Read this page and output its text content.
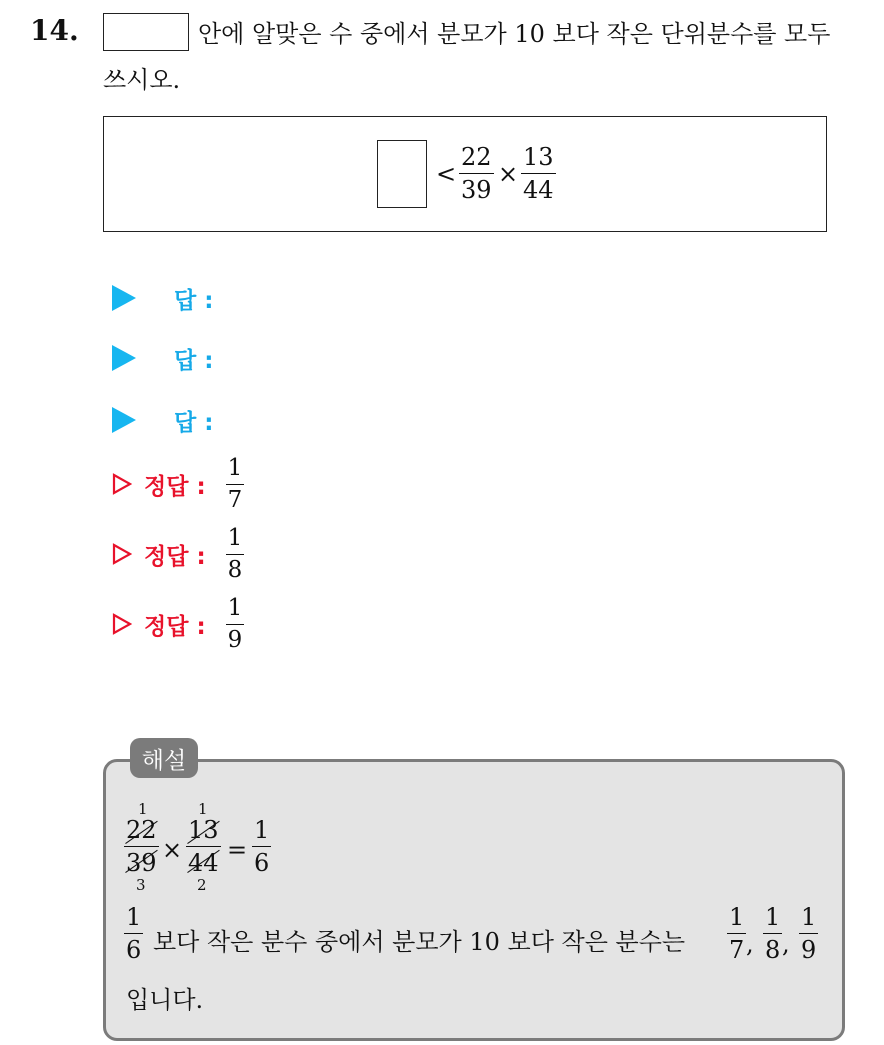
14.	안에 알맞은 수 중에서 분모가 10 보다 작은 단위분수를 모두
쓰시오.
<
22
39
×
13
44
답 :
답 :
답 :
정답 : $\frac{1}{7}$
정답 : $\frac{1}{8}$
정답 : $\frac{1}{9}$
해설
1
22
39
3
×
1
13
44
2
=
1
6
1
6 보다 작은 분수 중에서 분모가 10 보다 작은 분수는
1
7 ,
1
8 ,
1
9
입니다.
